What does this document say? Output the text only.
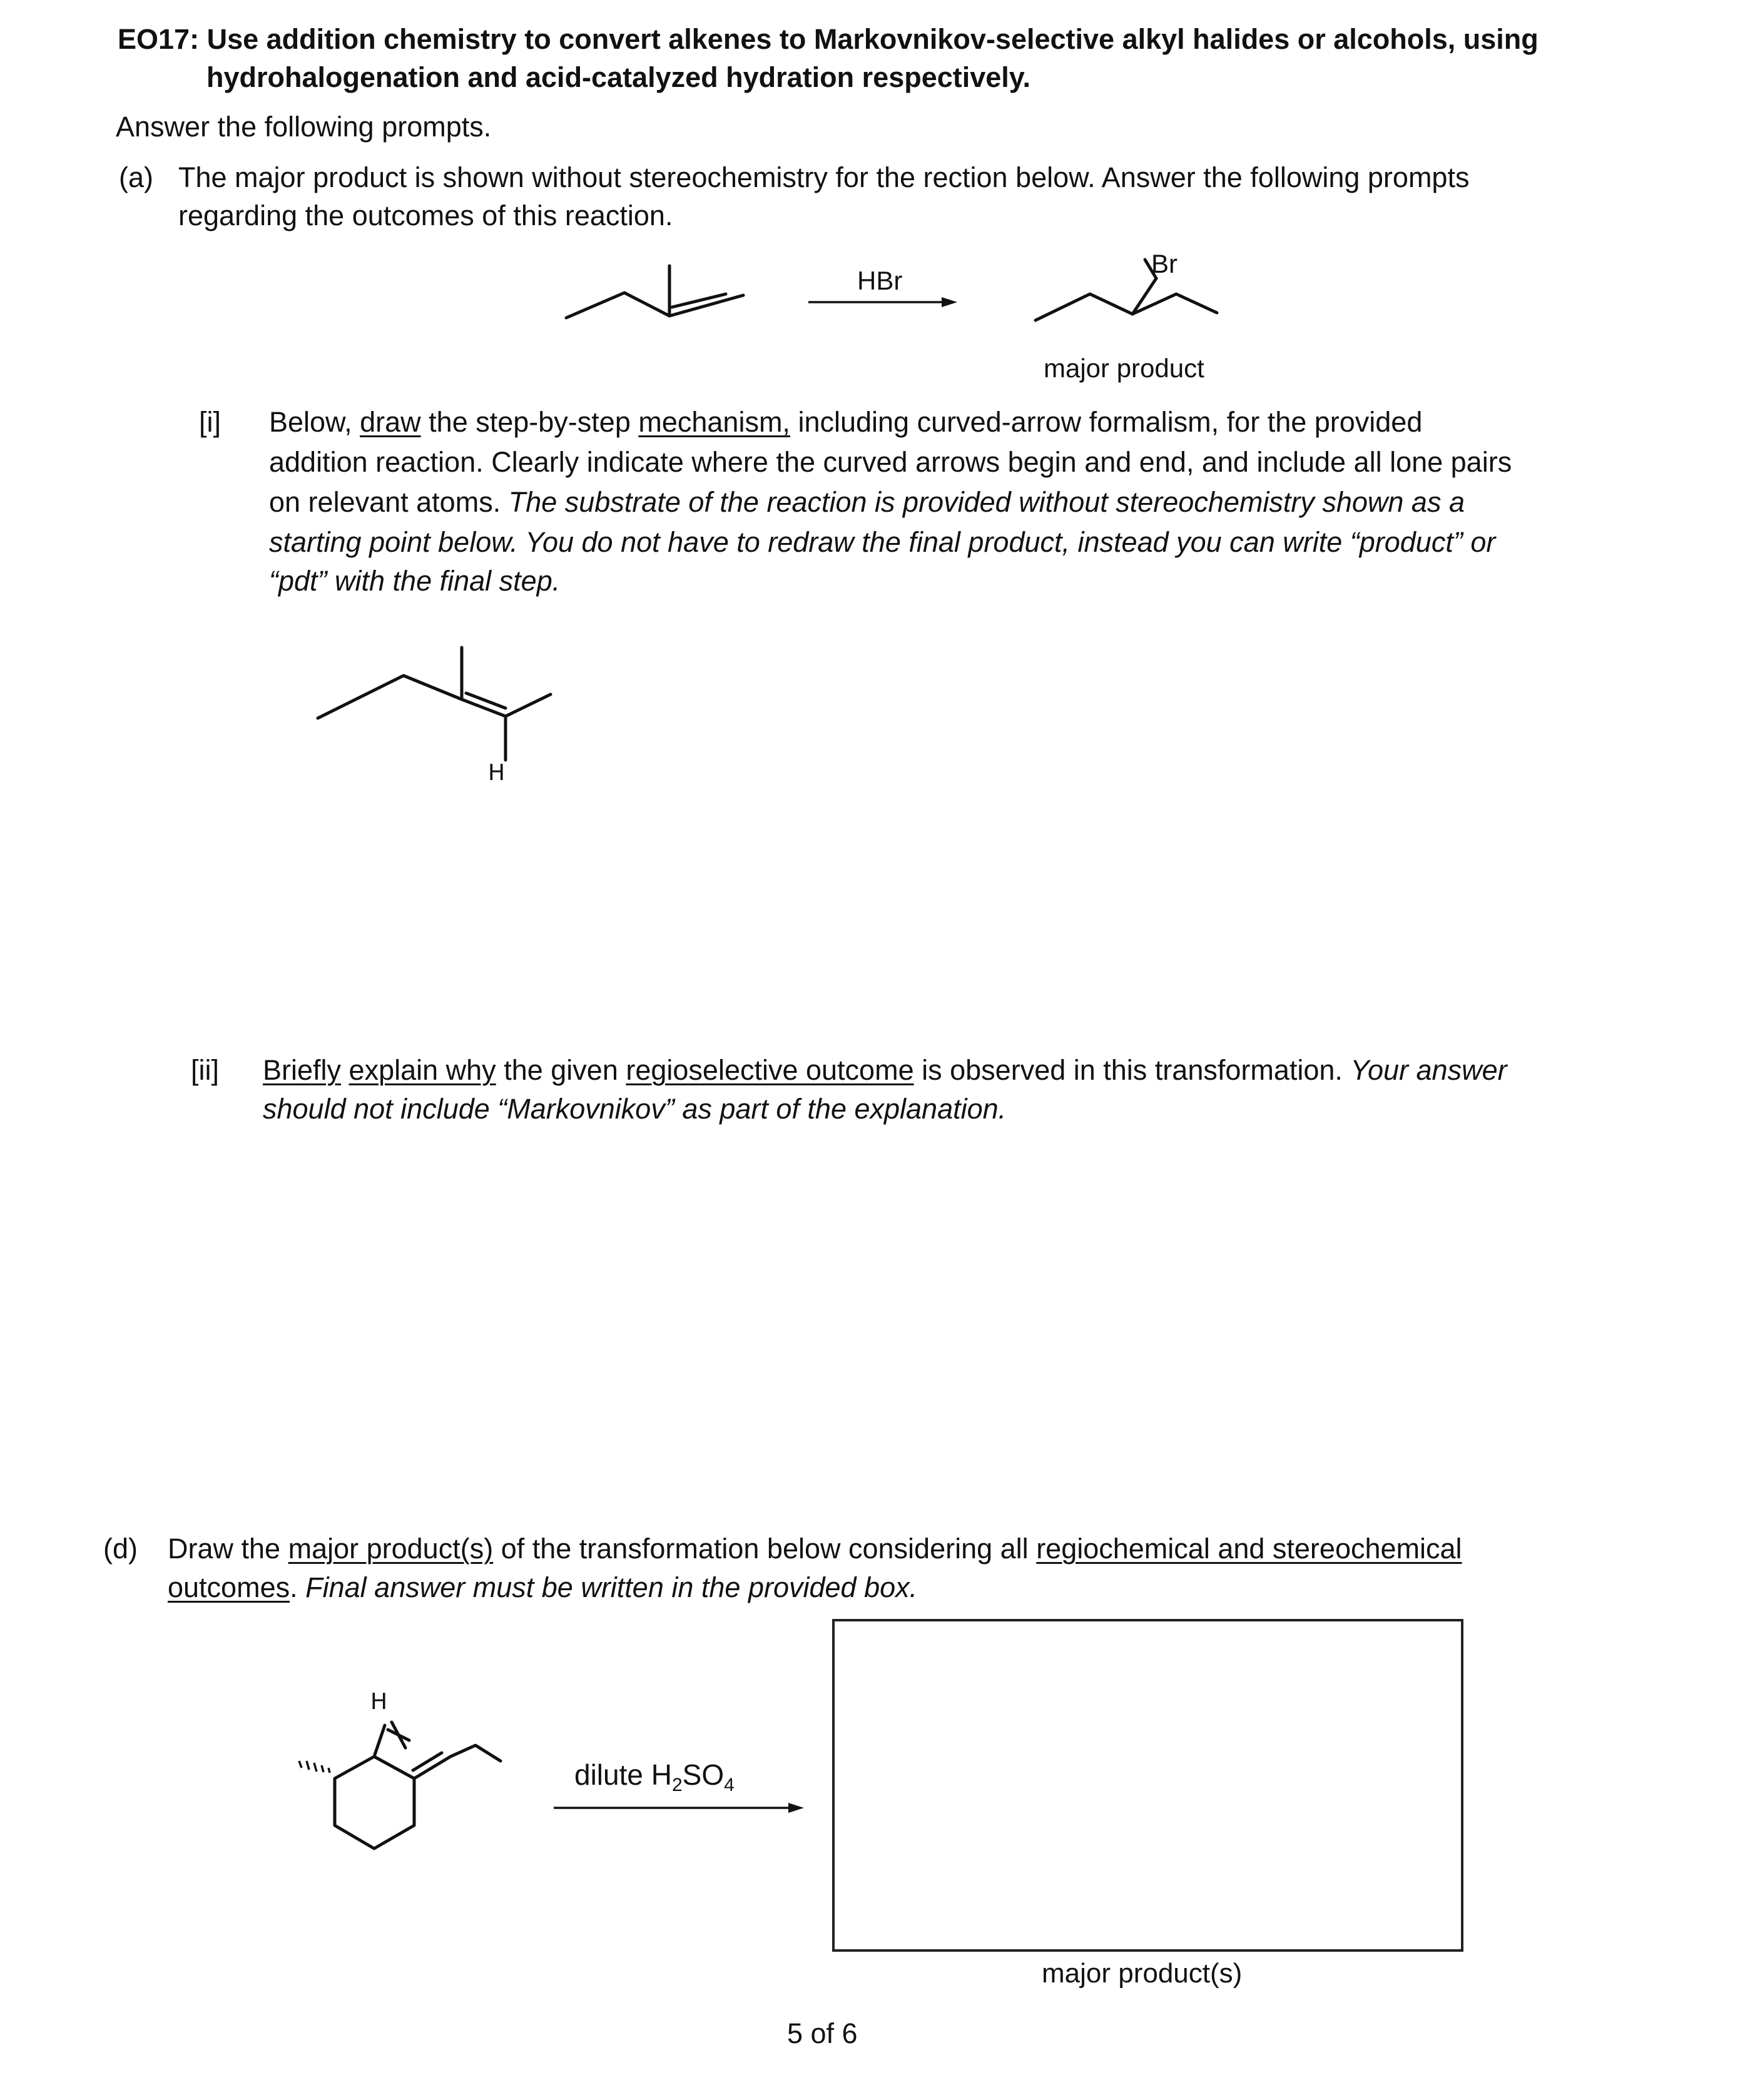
EO17: Use addition chemistry to convert alkenes to Markovnikov-selective alkyl halides or alcohols, using
hydrohalogenation and acid-catalyzed hydration respectively.
Answer the following prompts.
(a) The major product is shown without stereochemistry for the rection below. Answer the following prompts
regarding the outcomes of this reaction.
HBr
Br
major product
[i] Below, draw the step-by-step mechanism, including curved-arrow formalism, for the provided
addition reaction. Clearly indicate where the curved arrows begin and end, and include all lone pairs
on relevant atoms. The substrate of the reaction is provided without stereochemistry shown as a
starting point below. You do not have to redraw the final product, instead you can write “product” or
“pdt” with the final step.
H
[ii] Briefly explain why the given regioselective outcome is observed in this transformation. Your answer
should not include “Markovnikov” as part of the explanation.
(d) Draw the major product(s) of the transformation below considering all regiochemical and stereochemical
outcomes. Final answer must be written in the provided box.
H
dilute $H_2SO_4$
major product(s)
5 of 6
